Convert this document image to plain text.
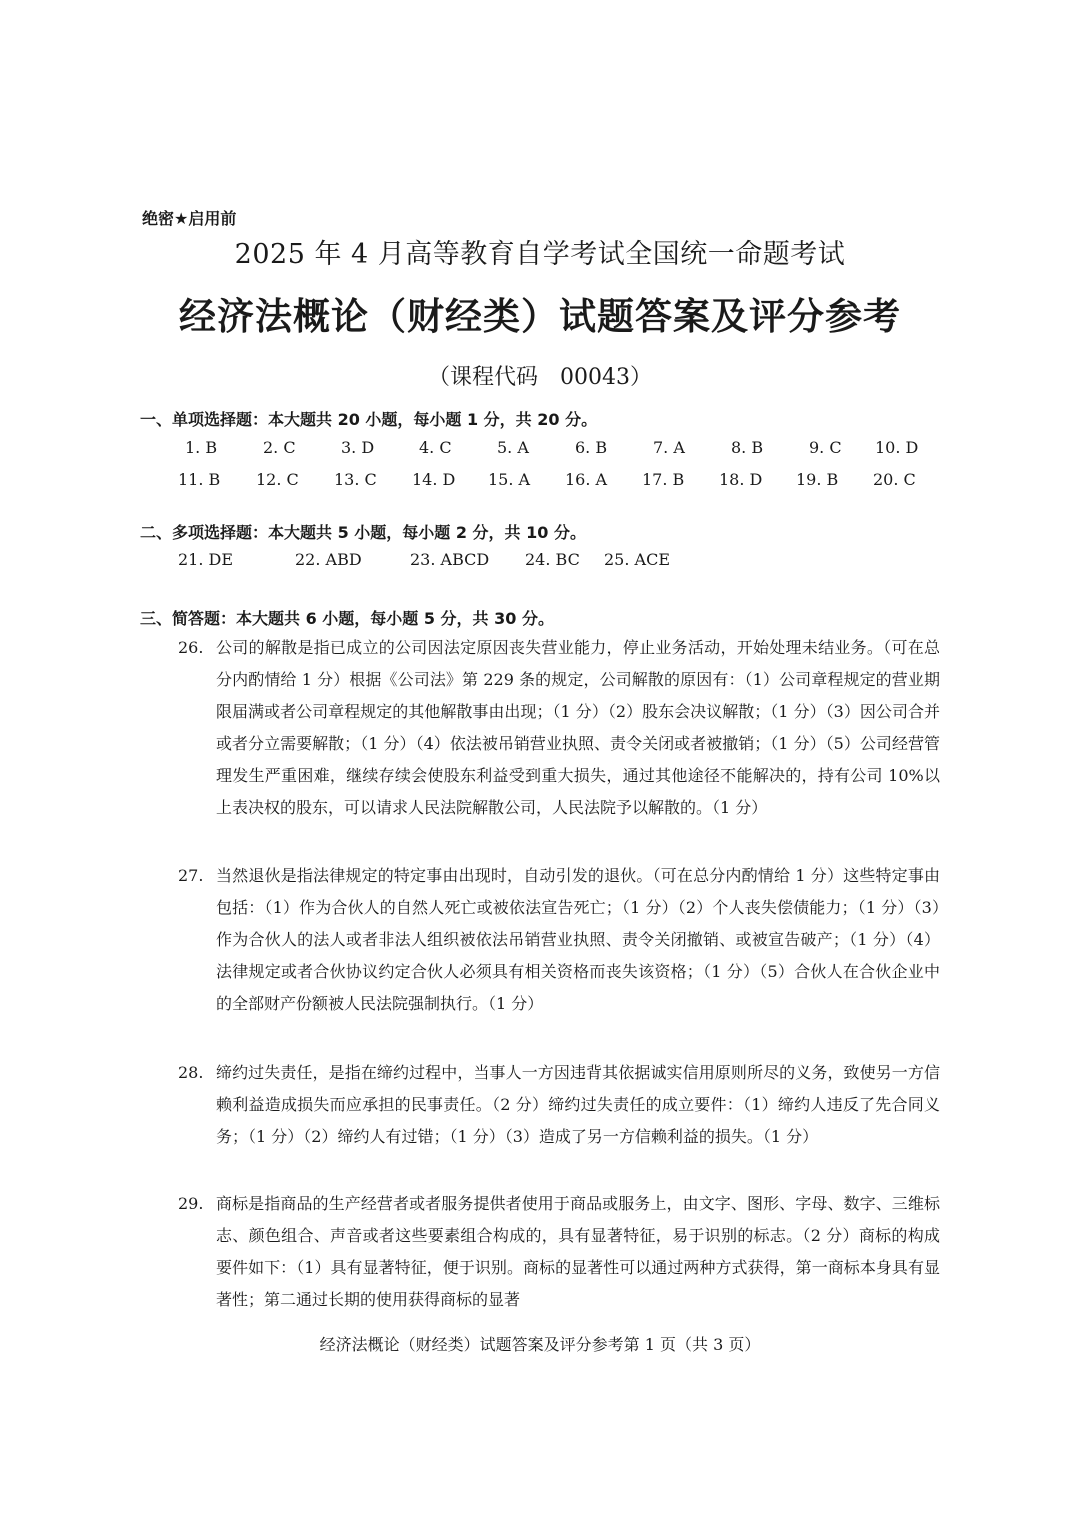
绝密★启用前
2025 年 4 月高等教育自学考试全国统一命题考试
经济法概论（财经类）试题答案及评分参考
（课程代码　00043）
一、单项选择题：本大题共 20 小题，每小题 1 分，共 20 分。
1. B	2. C	3. D	4. C	5. A	6. B	7. A	8. B	9. C 10. D
11. B 12. C 13. C 14. D 15. A 16. A 17. B 18. D 19. B 20. C
二、多项选择题：本大题共 5 小题，每小题 2 分，共 10 分。
21. DE	22. ABD	23. ABCD 24. BC 25. ACE
三、简答题：本大题共 6 小题，每小题 5 分，共 30 分。
26. 公司的解散是指已成立的公司因法定原因丧失营业能力，停止业务活动，开始处理未结业务。（可在总分内酌情给 1 分）根据《公司法》第 229 条的规定，公司解散的原因有：（1）公司章程规定的营业期限届满或者公司章程规定的其他解散事由出现；（1 分）（2）股东会决议解散；（1 分）（3）因公司合并或者分立需要解散；（1 分）（4）依法被吊销营业执照、责令关闭或者被撤销；（1 分）（5）公司经营管理发生严重困难，继续存续会使股东利益受到重大损失，通过其他途径不能解决的，持有公司 10%以上表决权的股东，可以请求人民法院解散公司，人民法院予以解散的。（1 分）
27. 当然退伙是指法律规定的特定事由出现时，自动引发的退伙。（可在总分内酌情给 1 分）这些特定事由包括：（1）作为合伙人的自然人死亡或被依法宣告死亡；（1 分）（2）个人丧失偿债能力；（1 分）（3）作为合伙人的法人或者非法人组织被依法吊销营业执照、责令关闭撤销、或被宣告破产；（1 分）（4）法律规定或者合伙协议约定合伙人必须具有相关资格而丧失该资格；（1 分）（5）合伙人在合伙企业中的全部财产份额被人民法院强制执行。（1 分）
28. 缔约过失责任，是指在缔约过程中，当事人一方因违背其依据诚实信用原则所尽的义务，致使另一方信赖利益造成损失而应承担的民事责任。（2 分）缔约过失责任的成立要件：（1）缔约人违反了先合同义务；（1 分）（2）缔约人有过错；（1 分）（3）造成了另一方信赖利益的损失。（1 分）
29. 商标是指商品的生产经营者或者服务提供者使用于商品或服务上，由文字、图形、字母、数字、三维标志、颜色组合、声音或者这些要素组合构成的，具有显著特征，易于识别的标志。（2 分）商标的构成要件如下：（1）具有显著特征，便于识别。商标的显著性可以通过两种方式获得，第一商标本身具有显著性；第二通过长期的使用获得商标的显著
经济法概论（财经类）试题答案及评分参考第 1 页（共 3 页）
